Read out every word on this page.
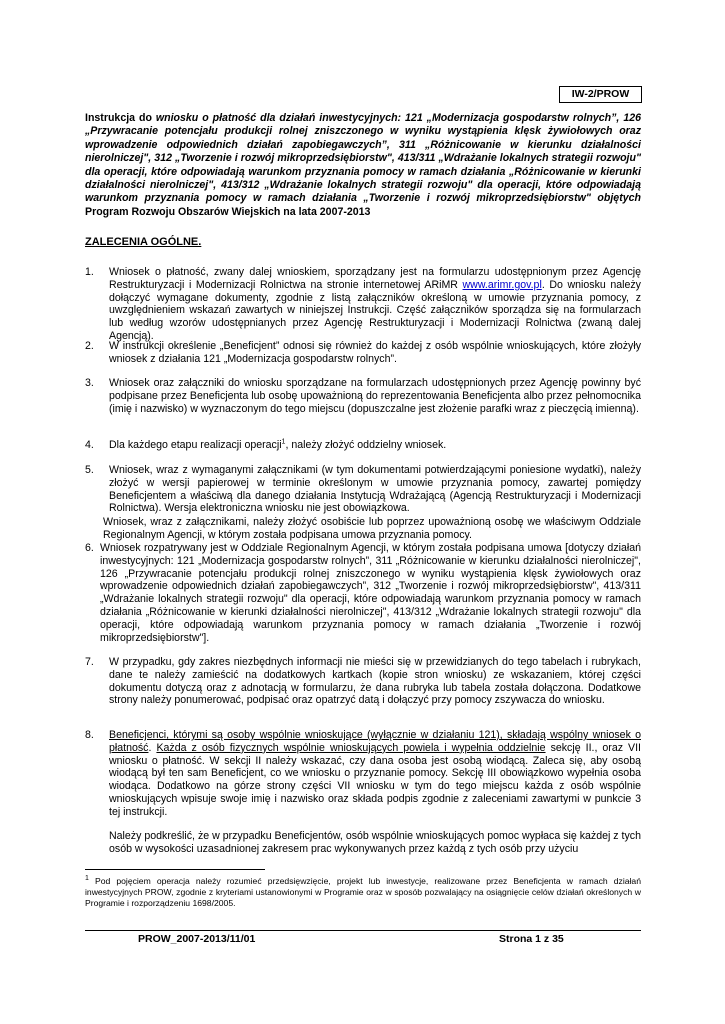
IW-2/PROW
Instrukcja do wniosku o płatność dla działań inwestycyjnych: 121 „Modernizacja gospodarstw rolnych”, 126 „Przywracanie potencjału produkcji rolnej zniszczonego w wyniku wystąpienia klęsk żywiołowych oraz wprowadzenie odpowiednich działań zapobiegawczych”, 311 „Różnicowanie w kierunku działalności nierolniczej", 312 „Tworzenie i rozwój mikroprzedsiębiorstw", 413/311 „Wdrażanie lokalnych strategii rozwoju" dla operacji, które odpowiadają warunkom przyznania pomocy w ramach działania „Różnicowanie w kierunki działalności nierolniczej", 413/312 „Wdrażanie lokalnych strategii rozwoju" dla operacji, które odpowiadają warunkom przyznania pomocy w ramach działania „Tworzenie i rozwój mikroprzedsiębiorstw" objętych Program Rozwoju Obszarów Wiejskich na lata 2007-2013
ZALECENIA OGÓLNE.
1.	Wniosek o płatność, zwany dalej wnioskiem, sporządzany jest na formularzu udostępnionym przez Agencję Restrukturyzacji i Modernizacji Rolnictwa na stronie internetowej ARiMR www.arimr.gov.pl. Do wniosku należy dołączyć wymagane dokumenty, zgodnie z listą załączników określoną w umowie przyznania pomocy, z uwzględnieniem wskazań zawartych w niniejszej Instrukcji. Część załączników sporządza się na formularzach lub według wzorów udostępnianych przez Agencję Restrukturyzacji i Modernizacji Rolnictwa (zwaną dalej Agencją).
2.	W instrukcji określenie „Beneficjent” odnosi się również do każdej z osób wspólnie wnioskujących, które złożyły wniosek z działania 121 „Modernizacja gospodarstw rolnych”.
3.	Wniosek oraz załączniki do wniosku sporządzane na formularzach udostępnionych przez Agencję powinny być podpisane przez Beneficjenta lub osobę upoważnioną do reprezentowania Beneficjenta albo przez pełnomocnika (imię i nazwisko) w wyznaczonym do tego miejscu (dopuszczalne jest złożenie parafki wraz z pieczęcią imienną).
4.	Dla każdego etapu realizacji operacji$^1$, należy złożyć oddzielny wniosek.
5.	Wniosek, wraz z wymaganymi załącznikami (w tym dokumentami potwierdzającymi poniesione wydatki), należy złożyć w wersji papierowej w terminie określonym w umowie przyznania pomocy, zawartej pomiędzy Beneficjentem a właściwą dla danego działania Instytucją Wdrażającą (Agencją Restrukturyzacji i Modernizacji Rolnictwa). Wersja elektroniczna wniosku nie jest obowiązkowa.
Wniosek, wraz z załącznikami, należy złożyć osobiście lub poprzez upoważnioną osobę we właściwym Oddziale Regionalnym Agencji, w którym została podpisana umowa przyznania pomocy.
6. Wniosek rozpatrywany jest w Oddziale Regionalnym Agencji, w którym została podpisana umowa [dotyczy działań inwestycyjnych: 121 „Modernizacja gospodarstw rolnych”, 311 „Różnicowanie w kierunku działalności nierolniczej", 126 „Przywracanie potencjału produkcji rolnej zniszczonego w wyniku wystąpienia klęsk żywiołowych oraz wprowadzenie odpowiednich działań zapobiegawczych”, 312 „Tworzenie i rozwój mikroprzedsiębiorstw", 413/311 „Wdrażanie lokalnych strategii rozwoju" dla operacji, które odpowiadają warunkom przyznania pomocy w ramach działania „Różnicowanie w kierunki działalności nierolniczej", 413/312 „Wdrażanie lokalnych strategii rozwoju" dla operacji, które odpowiadają warunkom przyznania pomocy w ramach działania „Tworzenie i rozwój mikroprzedsiębiorstw"].
7.	W przypadku, gdy zakres niezbędnych informacji nie mieści się w przewidzianych do tego tabelach i rubrykach, dane te należy zamieścić na dodatkowych kartkach (kopie stron wniosku) ze wskazaniem, której części dokumentu dotyczą oraz z adnotacją w formularzu, że dana rubryka lub tabela została dołączona. Dodatkowe strony należy ponumerować, podpisać oraz opatrzyć datą i dołączyć przy pomocy zszywacza do wniosku.
8.	Beneficjenci, którymi są osoby wspólnie wnioskujące (wyłącznie w działaniu 121), składają wspólny wniosek o płatność. Każda z osób fizycznych wspólnie wnioskujących powiela i wypełnia oddzielnie sekcję II., oraz VII wniosku o płatność. W sekcji II należy wskazać, czy dana osoba jest osobą wiodącą. Zaleca się, aby osobą wiodącą był ten sam Beneficjent, co we wniosku o przyznanie pomocy. Sekcję III obowiązkowo wypełnia osoba wiodąca. Dodatkowo na górze strony części VII wniosku w tym do tego miejscu każda z osób wspólnie wnioskujących wpisuje swoje imię i nazwisko oraz składa podpis zgodnie z zaleceniami zawartymi w punkcie 3 tej instrukcji.
Należy podkreślić, że w przypadku Beneficjentów, osób wspólnie wnioskujących pomoc wypłaca się każdej z tych osób w wysokości uzasadnionej zakresem prac wykonywanych przez każdą z tych osób przy użyciu
$^1$ Pod pojęciem operacja należy rozumieć przedsięwzięcie, projekt lub inwestycje, realizowane przez Beneficjenta w ramach działań inwestycyjnych PROW, zgodnie z kryteriami ustanowionymi w Programie oraz w sposób pozwalający na osiągnięcie celów działań określonych w Programie i rozporządzeniu 1698/2005.
PROW_2007-2013/11/01	Strona 1 z 35
